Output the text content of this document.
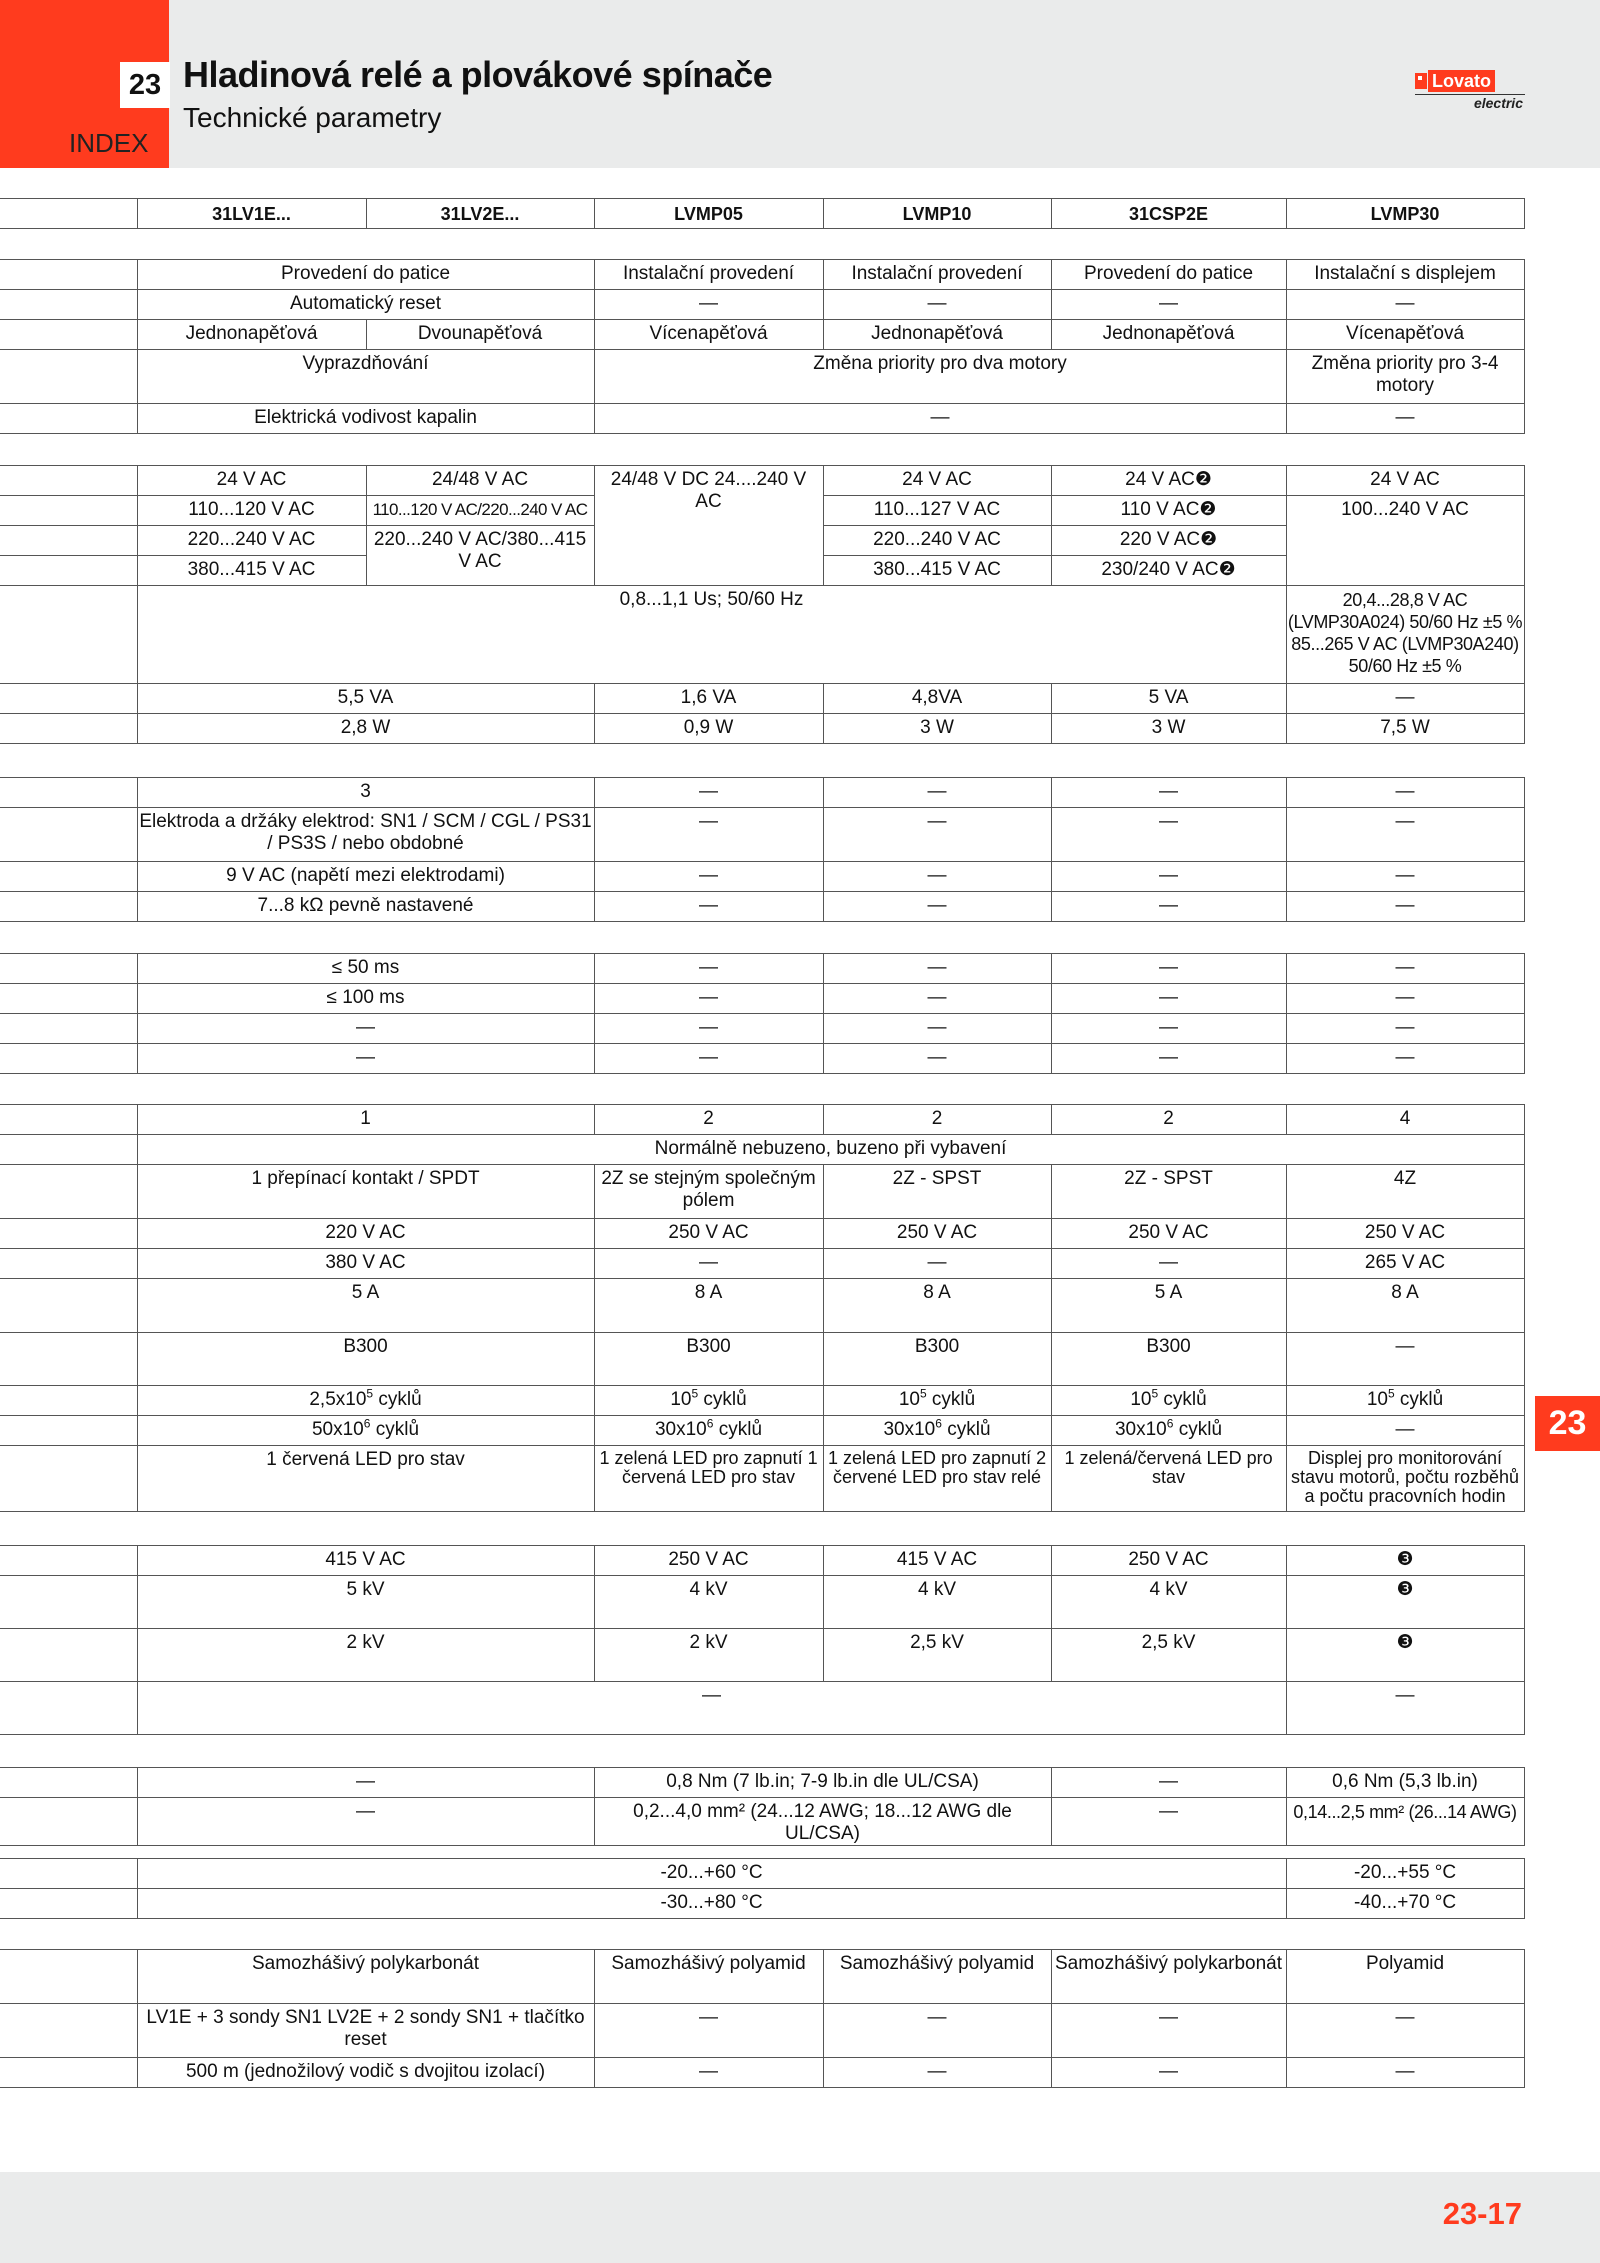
23
INDEX
Hladinová relé a plovákové spínače
Technické parametry
Lovato
electric
	31LV1E...	31LV2E...	LVMP05	LVMP10	31CSP2E	LVMP30
	Provedení do patice		Instalační provedení	Instalační provedení	Provedení do patice	Instalační s displejem
	Automatický reset		—	—	—	—
	Jednonapěťová	Dvounapěťová	Vícenapěťová	Jednonapěťová	Jednonapěťová	Vícenapěťová
	Vyprazdňování		Změna priority pro dva motory			Změna priority pro 3-4 motory
	Elektrická vodivost kapalin		—			—
	24 V AC	24/48 V AC	24/48 V DC 24....240 V AC	24 V AC	24 V AC❷	24 V AC
	110...120 V AC	110...120 V AC/220...240 V AC		110...127 V AC	110 V AC❷	100...240 V AC
	220...240 V AC	220...240 V AC/380...415 V AC		220...240 V AC	220 V AC❷	
	380...415 V AC			380...415 V AC	230/240 V AC❷	
	0,8...1,1 Us; 50/60 Hz					20,4...28,8 V AC (LVMP30A024) 50/60 Hz ±5 % 85...265 V AC (LVMP30A240) 50/60 Hz ±5 %
	5,5 VA		1,6 VA	4,8VA	5 VA	—
	2,8 W		0,9 W	3 W	3 W	7,5 W
	3	—	—	—	—
	Elektroda a držáky elektrod: SN1 / SCM / CGL / PS31 / PS3S / nebo obdobné	—	—	—	—
	9 V AC (napětí mezi elektrodami)	—	—	—	—
	7...8 kΩ pevně nastavené	—	—	—	—
	≤ 50 ms	—	—	—	—
	≤ 100 ms	—	—	—	—
	—	—	—	—	—
	—	—	—	—	—
	1	2	2	2	4
	Normálně nebuzeno, buzeno při vybavení				
	1 přepínací kontakt / SPDT	2Z se stejným společným pólem	2Z - SPST	2Z - SPST	4Z
	220 V AC	250 V AC	250 V AC	250 V AC	250 V AC
	380 V AC	—	—	—	265 V AC
	5 A	8 A	8 A	5 A	8 A
	B300	B300	B300	B300	—
	$2,5x10^5$ cyklů	$10^5$ cyklů	$10^5$ cyklů	$10^5$ cyklů	$10^5$ cyklů
	$50x10^6$ cyklů	$30x10^6$ cyklů	$30x10^6$ cyklů	$30x10^6$ cyklů	—
	1 červená LED pro stav	1 zelená LED pro zapnutí 1 červená LED pro stav	1 zelená LED pro zapnutí 2 červené LED pro stav relé	1 zelená/červená LED pro stav	Displej pro monitorování stavu motorů, počtu rozběhů a počtu pracovních hodin
	415 V AC	250 V AC	415 V AC	250 V AC	❸
	5 kV	4 kV	4 kV	4 kV	❸
	2 kV	2 kV	2,5 kV	2,5 kV	❸
	—				—
	—	0,8 Nm (7 lb.in; 7-9 lb.in dle UL/CSA)	—	0,6 Nm (5,3 lb.in)
	—	0,2...4,0 mm² (24...12 AWG; 18...12 AWG dle UL/CSA)	—	0,14...2,5 mm² (26...14 AWG)
	-20...+60 °C	-20...+55 °C
	-30...+80 °C	-40...+70 °C
	Samozhášivý polykarbonát	Samozhášivý polyamid	Samozhášivý polyamid	Samozhášivý polykarbonát	Polyamid
	LV1E + 3 sondy SN1 LV2E + 2 sondy SN1 + tlačítko reset	—	—	—	—
	500 m (jednožilový vodič s dvojitou izolací)	—	—	—	—
23
23-17
